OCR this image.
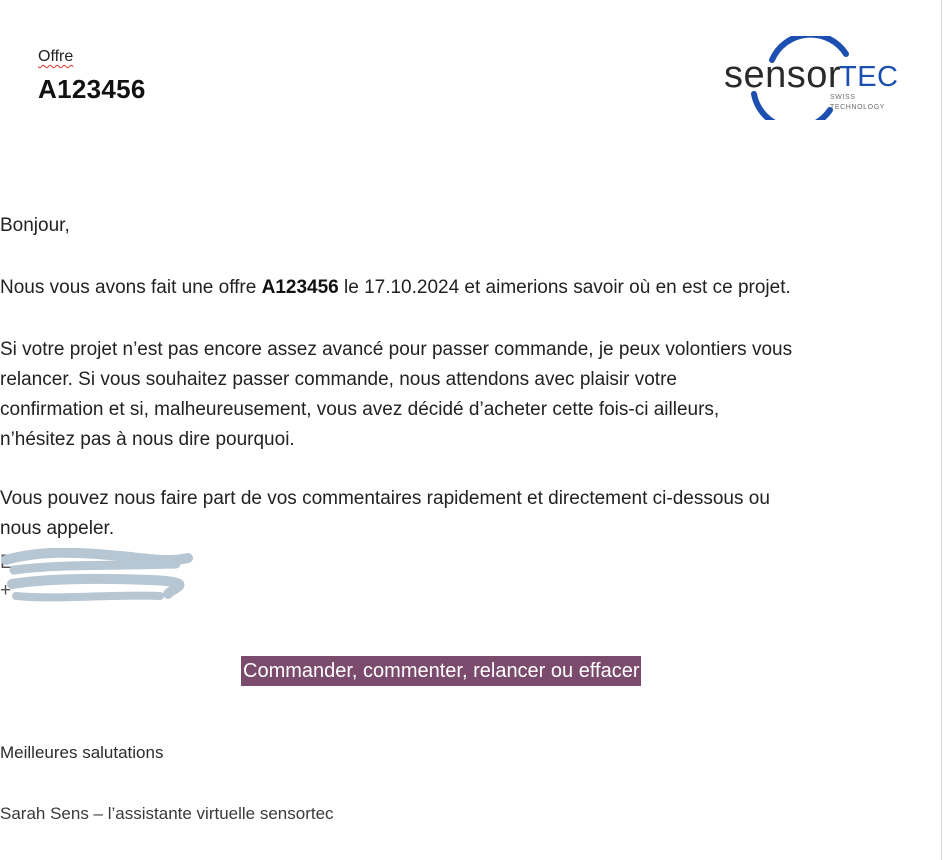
Offre
A123456	sensor
TEC
SWISS
TECHNOLOGY
Bonjour,
Nous vous avons fait une offre A123456 le 17.10.2024 et aimerions savoir où en est ce projet.
Si votre projet n’est pas encore assez avancé pour passer commande, je peux volontiers vous
relancer. Si vous souhaitez passer commande, nous attendons avec plaisir votre
confirmation et si, malheureusement, vous avez décidé d’acheter cette fois-ci ailleurs,
n’hésitez pas à nous dire pourquoi.
Vous pouvez nous faire part de vos commentaires rapidement et directement ci-dessous ou
nous appeler.
E
+
Commander, commenter, relancer ou effacer
Meilleures salutations
Sarah Sens – l’assistante virtuelle sensortec
